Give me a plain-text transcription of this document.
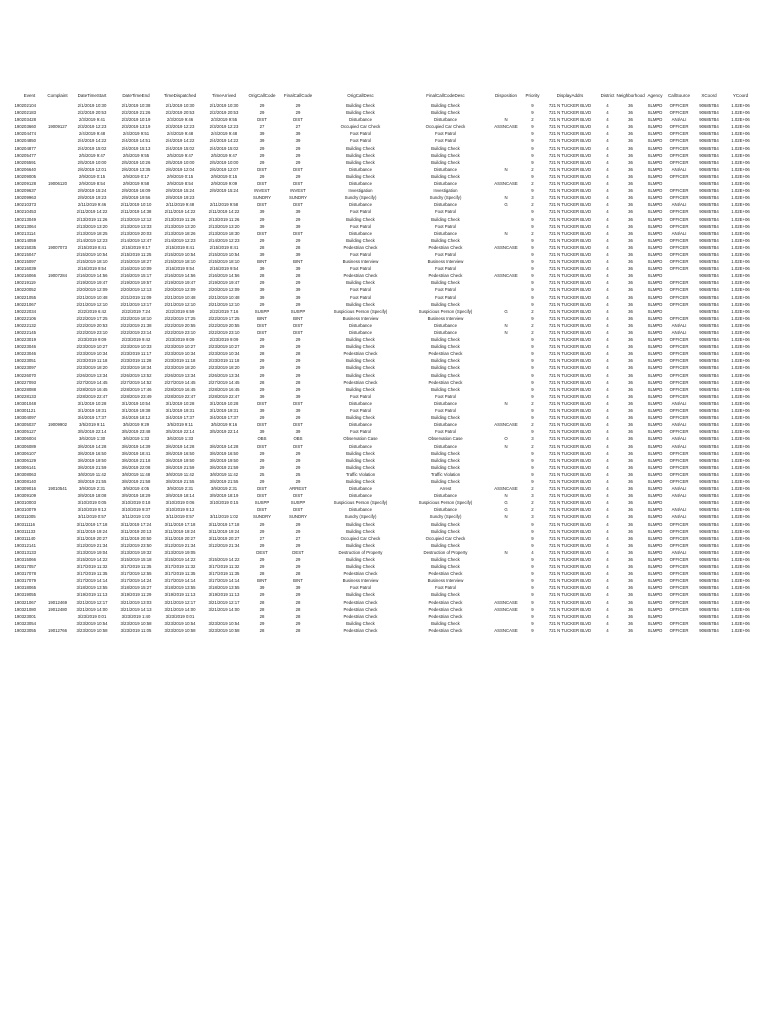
Event	Complaint	DateTimeStart	DateTimeEnd	TimeDispatched	TimeArrived	OrigCallCode	FinalCallCode	OrigCallDesc	FinalCallCodeDesc	Disposition	Priority	DisplayAddrs	District	Neighborhood	Agency	CallSource	XCoord	YCoord
190202104		2/1/2019 10:30	2/1/2019 10:38	2/1/2019 10:30	2/1/2019 10:30	29	29	Building Check	Building Check		9	721 N TUCKER BLVD	4	36	SLMPD	OFFICER	906857B4	1.02E+06
190202183		2/2/2019 20:53	2/2/2019 21:26	2/2/2019 20:53	2/2/2019 20:53	29	29	Building Check	Building Check		9	721 N TUCKER BLVD	4	36	SLMPD	OFFICER	906857B4	1.02E+06
190203428		2/3/2019 9:41	2/3/2019 10:19	2/3/2019 9:46	2/3/2019 9:55	DIST	DIST	Disturbance	Disturbance	N	2	721 N TUCKER BLVD	4	36	SLMPD	ANI/ALI	906857B4	1.02E+06
190203660	19009127	2/3/2019 12:23	2/3/2019 13:19	2/3/2019 12:23	2/3/2019 12:23	27	27	Occupied Car Check	Occupied Car Check	ASSNCASE	9	721 N TUCKER BLVD	4	36	SLMPD	OFFICER	906857B4	1.02E+06
190204474		2/4/2019 9:48	2/4/2019 9:51	2/4/2019 9:48	2/4/2019 9:48	39	39	Foot Patrol	Foot Patrol		9	721 N TUCKER BLVD	4	36	SLMPD	OFFICER	906857B4	1.02E+06
190204850		2/4/2019 14:22	2/4/2019 14:51	2/4/2019 14:22	2/4/2019 14:22	39	39	Foot Patrol	Foot Patrol		9	721 N TUCKER BLVD	4	36	SLMPD	OFFICER	906857B4	1.02E+06
190204877		2/4/2019 15:02	2/4/2019 15:13	2/4/2019 15:02	2/4/2019 15:02	29	29	Building Check	Building Check		9	721 N TUCKER BLVD	4	36	SLMPD	OFFICER	906857B4	1.02E+06
190205477		2/5/2019 9:47	2/5/2019 9:55	2/5/2019 9:47	2/5/2019 9:47	29	29	Building Check	Building Check		9	721 N TUCKER BLVD	4	36	SLMPD	OFFICER	906857B4	1.02E+06
190205591		2/5/2019 10:00	2/5/2019 10:26	2/5/2019 10:00	2/5/2019 10:00	29	29	Building Check	Building Check		9	721 N TUCKER BLVD	4	36	SLMPD	OFFICER	906857B4	1.02E+06
190206640		2/6/2019 12:01	2/6/2019 13:35	2/6/2019 12:04	2/6/2019 12:07	DIST	DIST	Disturbance	Disturbance	N	2	721 N TUCKER BLVD	4	36	SLMPD	ANI/ALI	906857B4	1.02E+06
190209005		2/9/2019 0:15	2/9/2019 0:17	2/9/2019 0:15	2/9/2019 0:15	29	29	Building Check	Building Check		9	721 N TUCKER BLVD	4	36	SLMPD	OFFICER	906857B4	1.02E+06
190209128	19006120	2/9/2019 8:54	2/9/2019 9:58	2/9/2019 8:54	2/9/2019 9:09	DIST	DIST	Disturbance	Disturbance	ASSNCASE	2	721 N TUCKER BLVD	4	36	SLMPD		906857B4	1.02E+06
190209637		2/9/2019 15:24	2/9/2019 16:09	2/9/2019 15:24	2/9/2019 15:24	INVEST	INVEST	Investigation	Investigation		9	721 N TUCKER BLVD	4	36	SLMPD	OFFICER	906857B4	1.02E+06
190209963		2/9/2019 19:23	2/9/2019 19:56	2/9/2019 19:23		SUNDRY	SUNDRY	Sundry (Specify)	Sundry (Specify)	N	3	721 N TUCKER BLVD	4	36	SLMPD	OFFICER	906857B4	1.02E+06
190210373		2/11/2019 9:46	2/11/2019 10:10	2/11/2019 9:48	2/11/2019 9:58	DIST	DIST	Disturbance	Disturbance	G	2	721 N TUCKER BLVD	4	36	SLMPD	ANI/ALI	906857B4	1.02E+06
190210453		2/11/2019 14:22	2/11/2019 14:38	2/11/2019 14:22	2/11/2019 14:22	39	39	Foot Patrol	Foot Patrol		9	721 N TUCKER BLVD	4	36	SLMPD	OFFICER	906857B4	1.02E+06
190213049		2/13/2019 11:26	2/13/2019 12:12	2/13/2019 11:26	2/13/2019 11:26	29	29	Building Check	Building Check		9	721 N TUCKER BLVD	4	36	SLMPD	OFFICER	906857B4	1.02E+06
190213064		2/13/2019 13:20	2/13/2019 13:33	2/13/2019 13:20	2/13/2019 13:20	39	39	Foot Patrol	Foot Patrol		9	721 N TUCKER BLVD	4	36	SLMPD	OFFICER	906857B4	1.02E+06
190213114		2/13/2019 18:25	2/13/2019 20:03	2/13/2019 18:26	2/13/2019 18:30	DIST	DIST	Disturbance	Disturbance	N	2	721 N TUCKER BLVD	4	36	SLMPD	ANI/ALI	906857B4	1.02E+06
190214059		2/14/2019 12:23	2/14/2019 12:47	2/14/2019 12:23	2/14/2019 12:23	29	29	Building Check	Building Check		9	721 N TUCKER BLVD	4	36	SLMPD	OFFICER	906857B4	1.02E+06
190215035	19007073	2/15/2019 8:41	2/15/2019 9:17	2/15/2019 8:41	2/15/2019 8:41	28	28	Pedestrian Check	Pedestrian Check	ASSNCASE	9	721 N TUCKER BLVD	4	36	SLMPD	OFFICER	906857B4	1.02E+06
190215047		2/15/2019 10:54	2/15/2019 11:25	2/15/2019 10:54	2/15/2019 10:54	39	39	Foot Patrol	Foot Patrol		9	721 N TUCKER BLVD	4	36	SLMPD	OFFICER	906857B4	1.02E+06
190215097		2/15/2019 18:10	2/15/2019 18:27	2/15/2019 18:10	2/15/2019 18:10	BINT	BINT	Business Interview	Business Interview		9	721 N TUCKER BLVD	4	36	SLMPD	OFFICER	906857B4	1.02E+06
190216039		2/16/2019 9:54	2/16/2019 10:09	2/16/2019 9:54	2/16/2019 9:54	39	39	Foot Patrol	Foot Patrol		9	721 N TUCKER BLVD	4	36	SLMPD	OFFICER	906857B4	1.02E+06
190216066	19007284	2/16/2019 14:56	2/16/2019 15:17	2/16/2019 14:56	2/16/2019 14:56	28	28	Pedestrian Check	Pedestrian Check	ASSNCASE	9	721 N TUCKER BLVD	4	36	SLMPD		906857B4	1.02E+06
190219119		2/19/2019 19:47	2/19/2019 19:57	2/19/2019 19:47	2/19/2019 19:47	29	29	Building Check	Building Check		9	721 N TUCKER BLVD	4	36	SLMPD	OFFICER	906857B4	1.02E+06
190220052		2/20/2019 12:09	2/20/2019 12:13	2/20/2019 12:09	2/20/2019 12:09	39	39	Foot Patrol	Foot Patrol		9	721 N TUCKER BLVD	4	36	SLMPD	OFFICER	906857B4	1.02E+06
190221055		2/21/2019 10:48	2/21/2019 11:09	2/21/2019 10:48	2/21/2019 10:48	39	39	Foot Patrol	Foot Patrol		9	721 N TUCKER BLVD	4	36	SLMPD	OFFICER	906857B4	1.02E+06
190221067		2/21/2019 12:10	2/21/2019 13:17	2/21/2019 12:10	2/21/2019 12:10	29	29	Building Check	Building Check		9	721 N TUCKER BLVD	4	36	SLMPD	OFFICER	906857B4	1.02E+06
190222034		2/22/2019 6:42	2/22/2019 7:24	2/22/2019 6:59	2/22/2019 7:16	SUSPP	SUSPP	Suspicious Person (Specify)	Suspicious Person (Specify)	G	2	721 N TUCKER BLVD	4	36	SLMPD		906857B4	1.02E+06
190222106		2/22/2019 17:25	2/22/2019 18:10	2/22/2019 17:25	2/22/2019 17:25	BINT	BINT	Business Interview	Business Interview		9	721 N TUCKER BLVD	4	36	SLMPD	OFFICER	906857B4	1.02E+06
190222132		2/22/2019 20:53	2/22/2019 21:38	2/22/2019 20:55	2/22/2019 20:55	DIST	DIST	Disturbance	Disturbance	N	2	721 N TUCKER BLVD	4	36	SLMPD	ANI/ALI	906857B4	1.02E+06
190222145		2/22/2019 23:10	2/22/2019 23:14	2/22/2019 23:10	2/22/2019 23:10	DIST	DIST	Disturbance	Disturbance	N	2	721 N TUCKER BLVD	4	36	SLMPD	ANI/ALI	906857B4	1.02E+06
190223019		2/23/2019 9:09	2/23/2019 9:42	2/23/2019 9:09	2/23/2019 9:09	29	29	Building Check	Building Check		9	721 N TUCKER BLVD	4	36	SLMPD	OFFICER	906857B4	1.02E+06
190223046		2/23/2019 10:27	2/23/2019 10:33	2/23/2019 10:27	2/23/2019 10:27	29	29	Building Check	Building Check		9	721 N TUCKER BLVD	4	36	SLMPD	OFFICER	906857B4	1.02E+06
190223046		2/23/2019 10:34	2/23/2019 11:17	2/23/2019 10:34	2/23/2019 10:34	28	28	Pedestrian Check	Pedestrian Check		9	721 N TUCKER BLVD	4	36	SLMPD	OFFICER	906857B4	1.02E+06
190223051		2/23/2019 11:18	2/23/2019 11:28	2/23/2019 11:18	2/23/2019 11:18	29	29	Building Check	Building Check		9	721 N TUCKER BLVD	4	36	SLMPD	OFFICER	906857B4	1.02E+06
190223097		2/23/2019 18:20	2/23/2019 18:34	2/23/2019 18:20	2/23/2019 18:20	29	29	Building Check	Building Check		9	721 N TUCKER BLVD	4	36	SLMPD	OFFICER	906857B4	1.02E+06
190226070		2/26/2019 13:34	2/26/2019 13:52	2/26/2019 13:34	2/26/2019 13:34	29	29	Building Check	Building Check		9	721 N TUCKER BLVD	4	36	SLMPD	OFFICER	906857B4	1.02E+06
190227093		2/27/2019 14:45	2/27/2019 14:52	2/27/2019 14:45	2/27/2019 14:45	28	28	Pedestrian Check	Pedestrian Check		9	721 N TUCKER BLVD	4	36	SLMPD	OFFICER	906857B4	1.02E+06
190228088		2/28/2019 16:45	2/28/2019 17:46	2/28/2019 16:45	2/28/2019 16:45	29	29	Building Check	Building Check		9	721 N TUCKER BLVD	4	36	SLMPD	OFFICER	906857B4	1.02E+06
190228133		2/28/2019 22:47	2/28/2019 23:49	2/28/2019 22:47	2/28/2019 22:47	39	39	Foot Patrol	Foot Patrol		9	721 N TUCKER BLVD	4	36	SLMPD	OFFICER	906857B4	1.02E+06
190301048		3/1/2019 10:28	3/1/2019 10:54	3/1/2019 10:28	3/1/2019 10:28	DIST	DIST	Disturbance	Disturbance	N	2	721 N TUCKER BLVD	4	36	SLMPD	ANI/ALI	906857B4	1.02E+06
190301121		3/1/2019 19:31	3/1/2019 19:38	3/1/2019 19:31	3/1/2019 19:31	39	39	Foot Patrol	Foot Patrol		9	721 N TUCKER BLVD	4	36	SLMPD	OFFICER	906857B4	1.02E+06
190304097		3/4/2019 17:37	3/4/2019 18:12	3/4/2019 17:37	3/4/2019 17:37	29	29	Building Check	Building Check		9	721 N TUCKER BLVD	4	36	SLMPD	OFFICER	906857B4	1.02E+06
190305037	19009902	3/5/2019 9:11	3/5/2019 9:29	3/5/2019 9:11	3/5/2019 9:16	DIST	DIST	Disturbance	Disturbance	ASSNCASE	2	721 N TUCKER BLVD	4	36	SLMPD	ANI/ALI	906857B4	1.02E+06
190305127		3/5/2019 22:14	3/5/2019 23:48	3/5/2019 22:14	3/5/2019 22:14	39	39	Foot Patrol	Foot Patrol		9	721 N TUCKER BLVD	4	36	SLMPD	OFFICER	906857B4	1.02E+06
190306004		3/6/2019 1:30	3/6/2019 1:33	3/6/2019 1:33		OBS	OBS	Observation Case	Observation Case	O	3	721 N TUCKER BLVD	4	36	SLMPD	ANI/ALI	906857B4	1.02E+06
190306089		3/6/2019 14:28	3/6/2019 14:39	3/6/2019 14:28	3/6/2019 14:28	DIST	DIST	Disturbance	Disturbance	N	2	721 N TUCKER BLVD	4	36	SLMPD	ANI/ALI	906857B4	1.02E+06
190306107		3/6/2019 16:50	3/6/2019 18:41	3/6/2019 16:50	3/6/2019 16:50	29	29	Building Check	Building Check		9	721 N TUCKER BLVD	4	36	SLMPD	OFFICER	906857B4	1.02E+06
190306129		3/6/2019 19:50	3/6/2019 21:18	3/6/2019 19:50	3/6/2019 19:50	29	29	Building Check	Building Check		9	721 N TUCKER BLVD	4	36	SLMPD	OFFICER	906857B4	1.02E+06
190306141		3/6/2019 21:59	3/6/2019 22:08	3/6/2019 21:59	3/6/2019 21:59	29	29	Building Check	Building Check		9	721 N TUCKER BLVD	4	36	SLMPD	OFFICER	906857B4	1.02E+06
190308063		3/8/2019 11:42	3/8/2019 11:48	3/8/2019 11:42	3/8/2019 11:42	25	25	Traffic Violation	Traffic Violation		9	721 N TUCKER BLVD	4	36	SLMPD	OFFICER	906857B4	1.02E+06
190308140		3/8/2019 21:55	3/8/2019 21:58	3/8/2019 21:55	3/8/2019 21:55	29	29	Building Check	Building Check		9	721 N TUCKER BLVD	4	36	SLMPD	OFFICER	906857B4	1.02E+06
190309016	19010541	3/9/2019 2:31	3/9/2019 4:05	3/9/2019 2:31	3/9/2019 2:31	DIST	ARREST	Disturbance	Arrest	ASSNCASE	2	721 N TUCKER BLVD	4	36	SLMPD	ANI/ALI	906857B4	1.02E+06
190309109		3/9/2019 18:08	3/9/2019 18:29	3/9/2019 18:14	3/9/2019 18:19	DIST	DIST	Disturbance	Disturbance	N	3	721 N TUCKER BLVD	4	36	SLMPD	ANI/ALI	906857B4	1.02E+06
190310003		3/10/2019 0:05	3/10/2019 0:18	3/10/2019 0:06	3/10/2019 0:15	SUSPP	SUSPP	Suspicious Person (Specify)	Suspicious Person (Specify)	G	2	721 N TUCKER BLVD	4	36	SLMPD		906857B4	1.02E+06
190310079		3/10/2019 9:12	3/10/2019 9:37	3/10/2019 9:12		DIST	DIST	Disturbance	Disturbance	G	2	721 N TUCKER BLVD	4	36	SLMPD	ANI/ALI	906857B4	1.02E+06
190311005		3/11/2019 0:57	3/11/2019 1:03	3/11/2019 0:57	3/11/2019 1:02	SUNDRY	SUNDRY	Sundry (Specify)	Sundry (Specify)	N	3	721 N TUCKER BLVD	4	36	SLMPD	ANI/ALI	906857B4	1.02E+06
190311116		3/11/2019 17:18	3/11/2019 17:24	3/11/2019 17:18	3/11/2019 17:18	29	29	Building Check	Building Check		9	721 N TUCKER BLVD	4	36	SLMPD	OFFICER	906857B4	1.02E+06
190311133		3/11/2019 19:24	3/11/2019 20:13	3/11/2019 19:24	3/11/2019 19:24	29	29	Building Check	Building Check		9	721 N TUCKER BLVD	4	36	SLMPD	OFFICER	906857B4	1.02E+06
190311140		3/11/2019 20:27	3/11/2019 20:50	3/11/2019 20:27	3/11/2019 20:27	27	27	Occupied Car Check	Occupied Car Check		9	721 N TUCKER BLVD	4	36	SLMPD	OFFICER	906857B4	1.02E+06
190312141		3/12/2019 21:34	3/12/2019 23:50	3/12/2019 21:34	3/12/2019 21:34	29	29	Building Check	Building Check		9	721 N TUCKER BLVD	4	36	SLMPD	OFFICER	906857B4	1.02E+06
190313133		3/13/2019 19:04	3/13/2019 19:32	3/13/2019 19:05		DEST	DEST	Destruction of Property	Destruction of Property	N	4	721 N TUCKER BLVD	4	36	SLMPD	ANI/ALI	906857B4	1.02E+06
190315066		3/15/2019 14:22	3/15/2019 15:18	3/15/2019 14:22	3/15/2019 14:22	29	29	Building Check	Building Check		9	721 N TUCKER BLVD	4	36	SLMPD	OFFICER	906857B4	1.02E+06
190317057		3/17/2019 11:32	3/17/2019 11:35	3/17/2019 11:32	3/17/2019 11:32	29	29	Building Check	Building Check		9	721 N TUCKER BLVD	4	36	SLMPD	OFFICER	906857B4	1.02E+06
190317078		3/17/2019 11:35	3/17/2019 12:55	3/17/2019 11:35	3/17/2019 11:35	28	28	Pedestrian Check	Pedestrian Check		9	721 N TUCKER BLVD	4	36	SLMPD	OFFICER	906857B4	1.02E+06
190317079		3/17/2019 14:14	3/17/2019 14:24	3/17/2019 14:14	3/17/2019 14:14	BINT	BINT	Business Interview	Business Interview		9	721 N TUCKER BLVD	4	36	SLMPD	OFFICER	906857B4	1.02E+06
190318065		3/18/2019 13:55	3/18/2019 15:27	3/18/2019 13:55	3/18/2019 13:55	39	39	Foot Patrol	Foot Patrol		9	721 N TUCKER BLVD	4	36	SLMPD	OFFICER	906857B4	1.02E+06
190319055		3/19/2019 11:13	3/19/2019 11:29	3/19/2019 11:13	3/19/2019 11:13	29	29	Building Check	Building Check		9	721 N TUCKER BLVD	4	36	SLMPD	OFFICER	906857B4	1.02E+06
190321067	19012469	3/21/2019 12:17	3/21/2019 13:03	3/21/2019 12:17	3/21/2019 12:17	28	28	Pedestrian Check	Pedestrian Check	ASSNCASE	9	721 N TUCKER BLVD	4	36	SLMPD	OFFICER	906857B4	1.02E+06
190321080	19012480	3/21/2019 14:00	3/21/2019 14:13	3/21/2019 14:00	3/21/2019 14:00	28	28	Pedestrian Check	Pedestrian Check	ASSNCASE	9	721 N TUCKER BLVD	4	36	SLMPD	OFFICER	906857B4	1.02E+06
190323001		3/23/2019 0:01	3/23/2019 1:40	3/23/2019 0:01		28	28	Pedestrian Check	Pedestrian Check		9	721 N TUCKER BLVD	4	36	SLMPD		906857B4	1.02E+06
190323054		3/23/2019 10:54	3/23/2019 10:58	3/23/2019 10:54	3/23/2019 10:54	29	29	Building Check	Building Check		9	721 N TUCKER BLVD	4	36	SLMPD	OFFICER	906857B4	1.02E+06
190323055	19012766	3/23/2019 10:58	3/23/2019 11:05	3/23/2019 10:58	3/23/2019 10:58	28	28	Pedestrian Check	Pedestrian Check	ASSNCASE	9	721 N TUCKER BLVD	4	36	SLMPD	OFFICER	906857B4	1.02E+06
